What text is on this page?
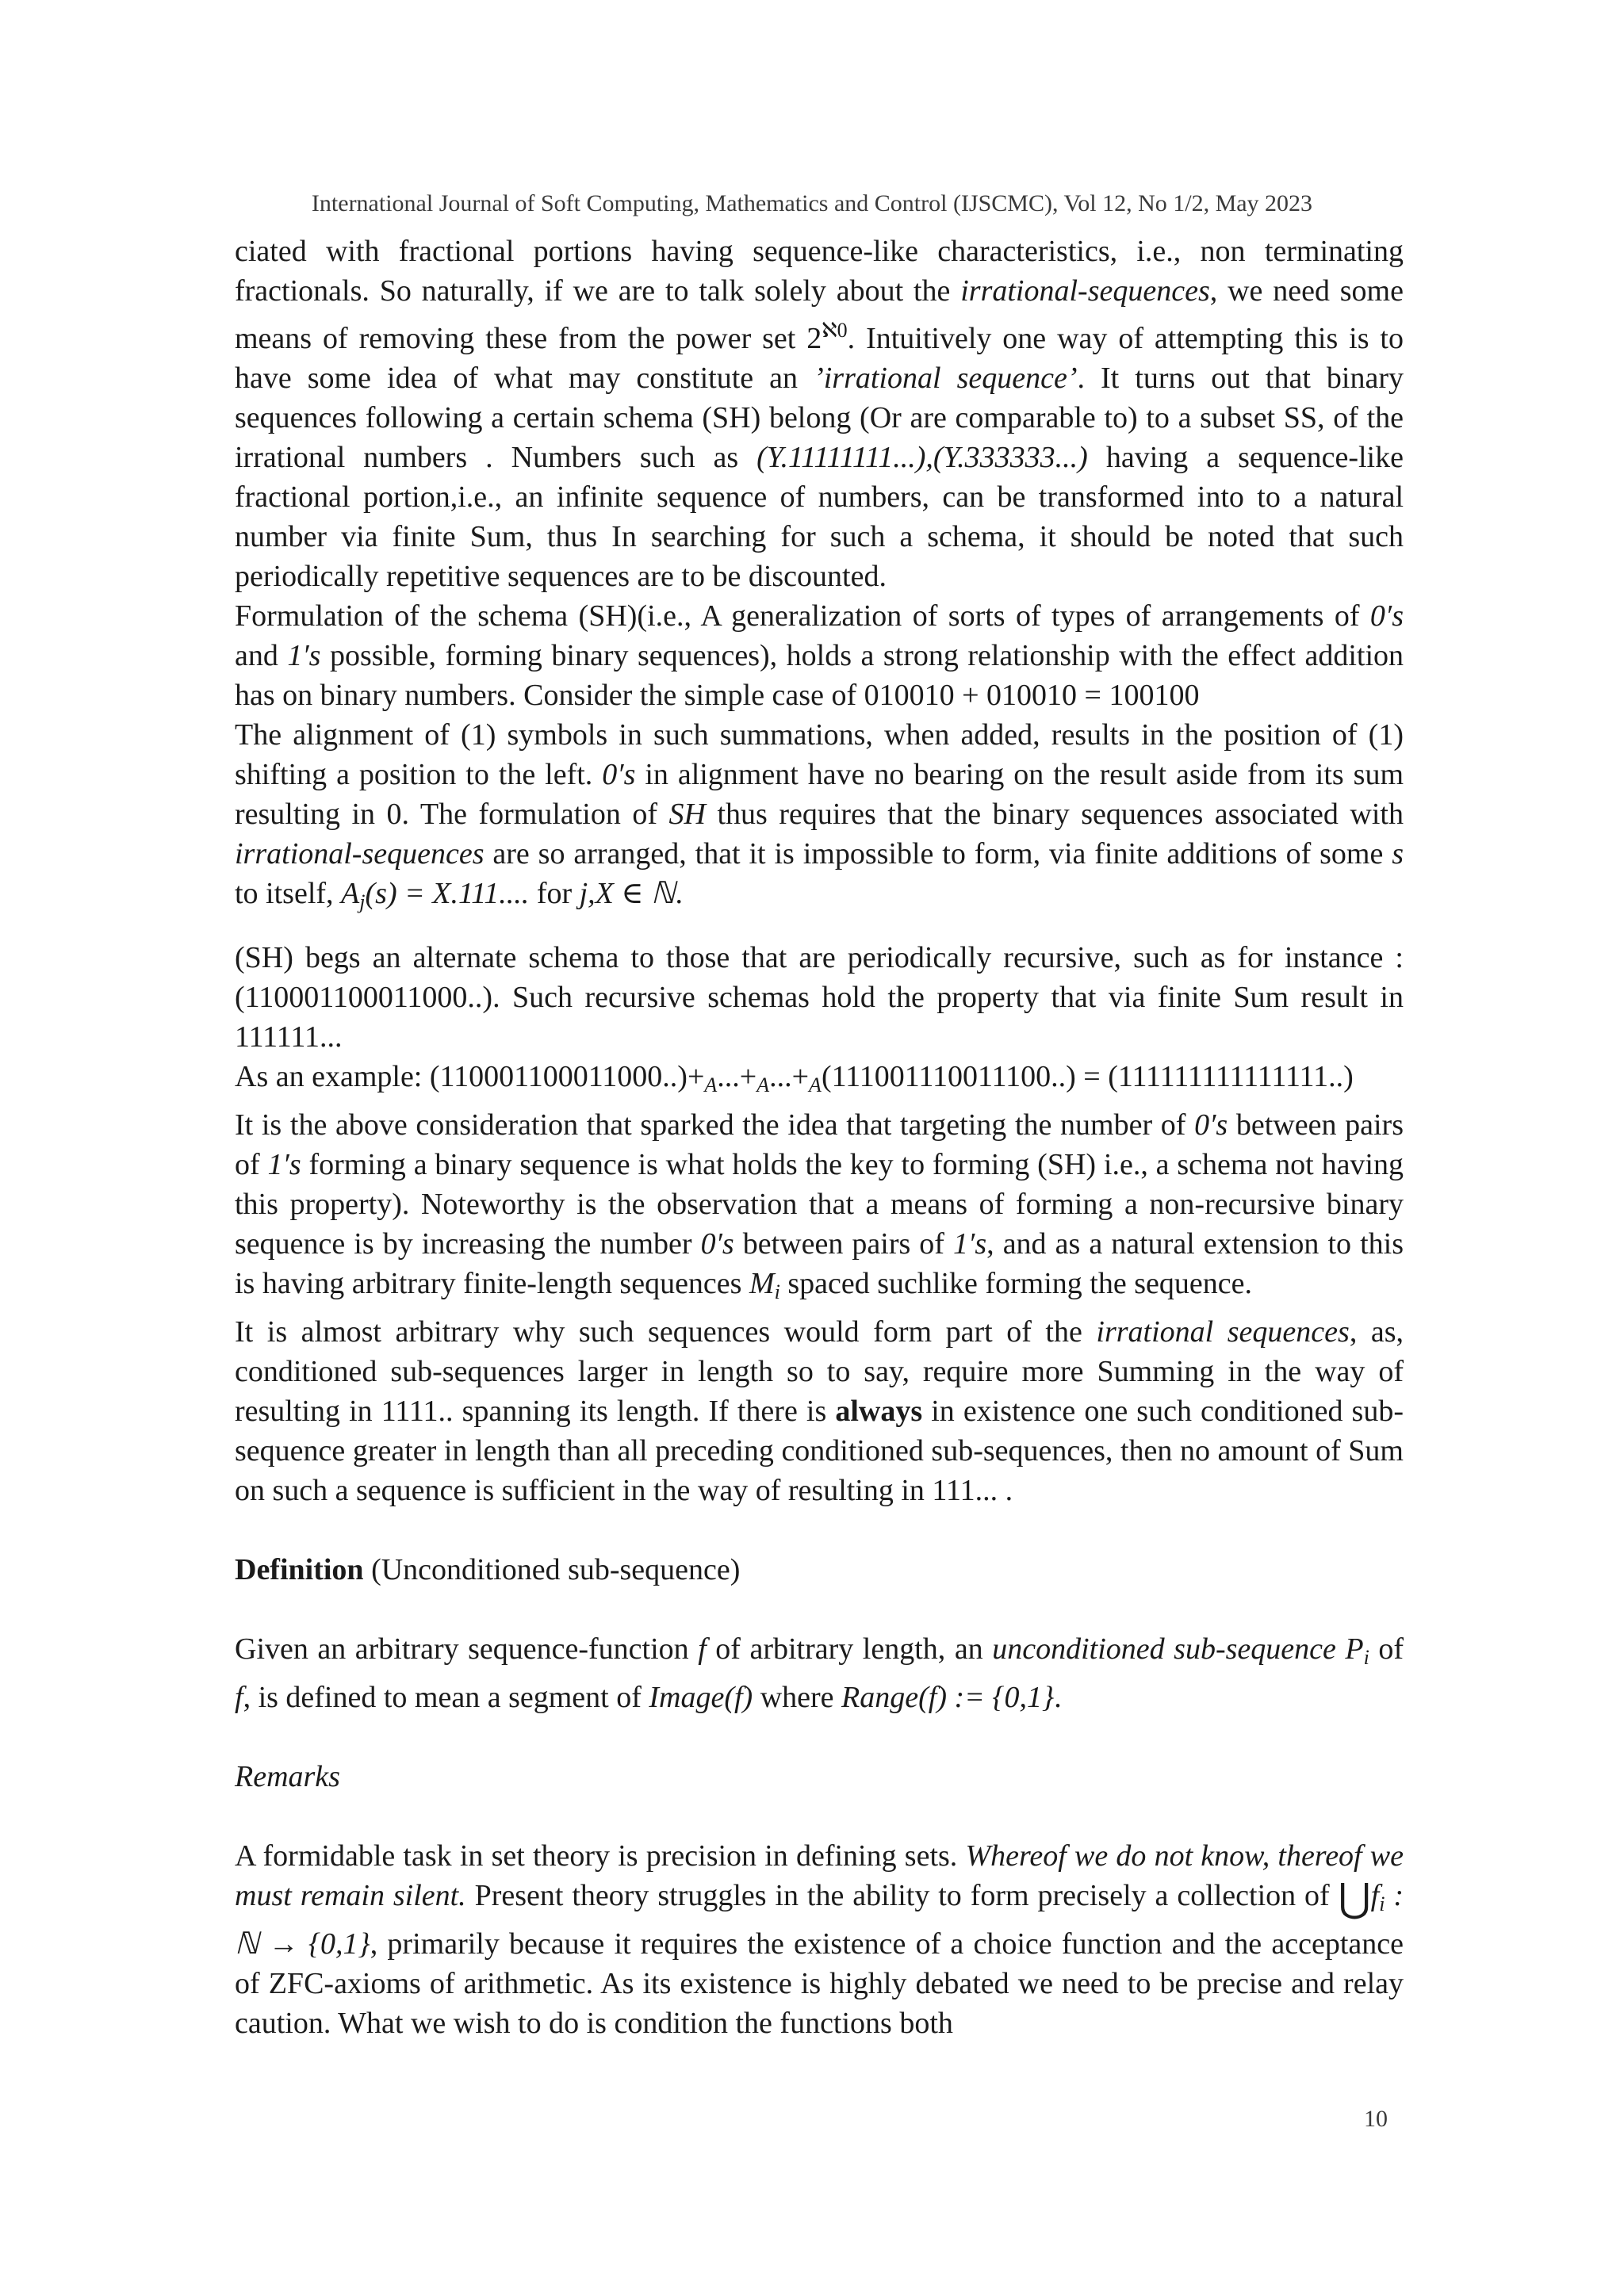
International Journal of Soft Computing, Mathematics and Control (IJSCMC), Vol 12, No 1/2, May 2023

ciated with fractional portions having sequence-like characteristics, i.e., non terminating fractionals. So naturally, if we are to talk solely about the irrational-sequences, we need some means of removing these from the power set $2^{ℵ0}$. Intuitively one way of attempting this is to have some idea of what may constitute an ’irrational sequence’. It turns out that binary sequences following a certain schema (SH) belong (Or are comparable to) to a subset SS, of the irrational numbers . Numbers such as (Y.11111111...),(Y.333333...) having a sequence-like fractional portion,i.e., an infinite sequence of numbers, can be transformed into to a natural number via finite Sum, thus In searching for such a schema, it should be noted that such periodically repetitive sequences are to be discounted.

Formulation of the schema (SH)(i.e., A generalization of sorts of types of arrangements of 0′s and 1′s possible, forming binary sequences), holds a strong relationship with the effect addition has on binary numbers. Consider the simple case of 010010 + 010010 = 100100

The alignment of (1) symbols in such summations, when added, results in the position of (1) shifting a position to the left. 0′s in alignment have no bearing on the result aside from its sum resulting in 0. The formulation of SH thus requires that the binary sequences associated with irrational-sequences are so arranged, that it is impossible to form, via finite additions of some s to itself, $A_j(s) = X.111$.... for j,X ∈ ℕ.

(SH) begs an alternate schema to those that are periodically recursive, such as for instance :(110001100011000..). Such recursive schemas hold the property that via finite Sum result in 111111...

As an example: $(110001100011000..)+_A...+_A...+_A(111001110011100..) = (111111111111111..)$

It is the above consideration that sparked the idea that targeting the number of 0′s between pairs of 1′s forming a binary sequence is what holds the key to forming (SH) i.e., a schema not having this property). Noteworthy is the observation that a means of forming a non-recursive binary sequence is by increasing the number 0′s between pairs of 1′s, and as a natural extension to this is having arbitrary finite-length sequences $M_i$ spaced suchlike forming the sequence.

It is almost arbitrary why such sequences would form part of the irrational sequences, as, conditioned sub-sequences larger in length so to say, require more Summing in the way of resulting in 1111.. spanning its length. If there is always in existence one such conditioned sub-sequence greater in length than all preceding conditioned sub-sequences, then no amount of Sum on such a sequence is sufficient in the way of resulting in 111... .

Definition (Unconditioned sub-sequence)

Given an arbitrary sequence-function f of arbitrary length, an unconditioned sub-sequence $P_i$ of f, is defined to mean a segment of Image(f) where Range(f) := {0,1}.

Remarks

A formidable task in set theory is precision in defining sets. Whereof we do not know, thereof we must remain silent. Present theory struggles in the ability to form precisely a collection of $⋃f_i$ : ℕ → {0,1}, primarily because it requires the existence of a choice function and the acceptance of ZFC-axioms of arithmetic. As its existence is highly debated we need to be precise and relay caution. What we wish to do is condition the functions both

10
